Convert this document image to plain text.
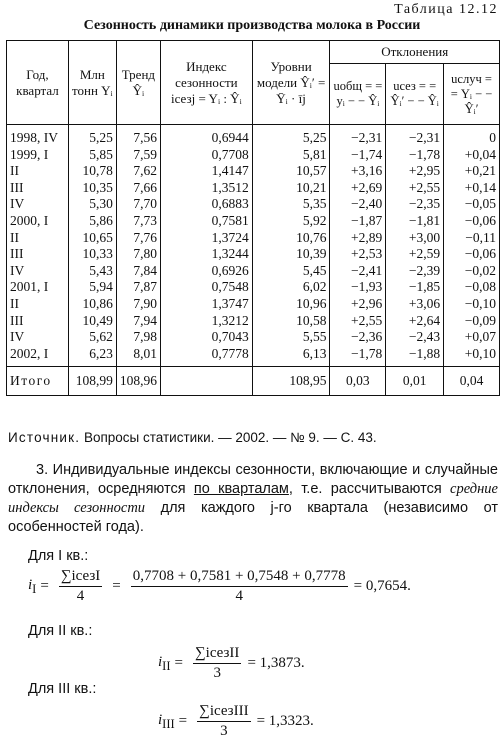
Таблица 12.12
Сезонность динамики производства молока в России
Год, квартал	Млн тонн Yᵢ	Тренд Ŷᵢ	Индекс сезонности iсезj = Yᵢ : Ŷᵢ	Уровни модели Ŷᵢ′ = Ȳᵢ · īj	Отклонения		
					uобщ = = yᵢ − − Ŷᵢ	uсез = = Ŷᵢ′ − − Ŷᵢ	uслуч = = Yᵢ − − Ŷᵢ′
1998, IV	5,25	7,56	0,6944	5,25	−2,31	−2,31	0
1999, I	5,85	7,59	0,7708	5,81	−1,74	−1,78	+0,04
II	10,78	7,62	1,4147	10,57	+3,16	+2,95	+0,21
III	10,35	7,66	1,3512	10,21	+2,69	+2,55	+0,14
IV	5,30	7,70	0,6883	5,35	−2,40	−2,35	−0,05
2000, I	5,86	7,73	0,7581	5,92	−1,87	−1,81	−0,06
II	10,65	7,76	1,3724	10,76	+2,89	+3,00	−0,11
III	10,33	7,80	1,3244	10,39	+2,53	+2,59	−0,06
IV	5,43	7,84	0,6926	5,45	−2,41	−2,39	−0,02
2001, I	5,94	7,87	0,7548	6,02	−1,93	−1,85	−0,08
II	10,86	7,90	1,3747	10,96	+2,96	+3,06	−0,10
III	10,49	7,94	1,3212	10,58	+2,55	+2,64	−0,09
IV	5,62	7,98	0,7043	5,55	−2,36	−2,43	+0,07
2002, I	6,23	8,01	0,7778	6,13	−1,78	−1,88	+0,10
Итого	108,99	108,96		108,95	0,03	0,01	0,04
Источник. Вопросы статистики. — 2002. — № 9. — С. 43.
3. Индивидуальные индексы сезонности, включающие и случайные отклонения, осредняются по кварталам, т.е. рассчитываются средние индексы сезонности для каждого j-го квартала (независимо от особенностей года).
Для I кв.:
$i_I = \frac{\text{∑iсезI}}{4} = \frac{0,7708 + 0,7581 + 0,7548 + 0,7778}{4} = 0,7654$.
Для II кв.:
$i_{II} = \frac{\text{∑iсезII}}{3} = 1,3873$.
Для III кв.:
$i_{III} = \frac{\text{∑iсезIII}}{3} = 1,3323$.
